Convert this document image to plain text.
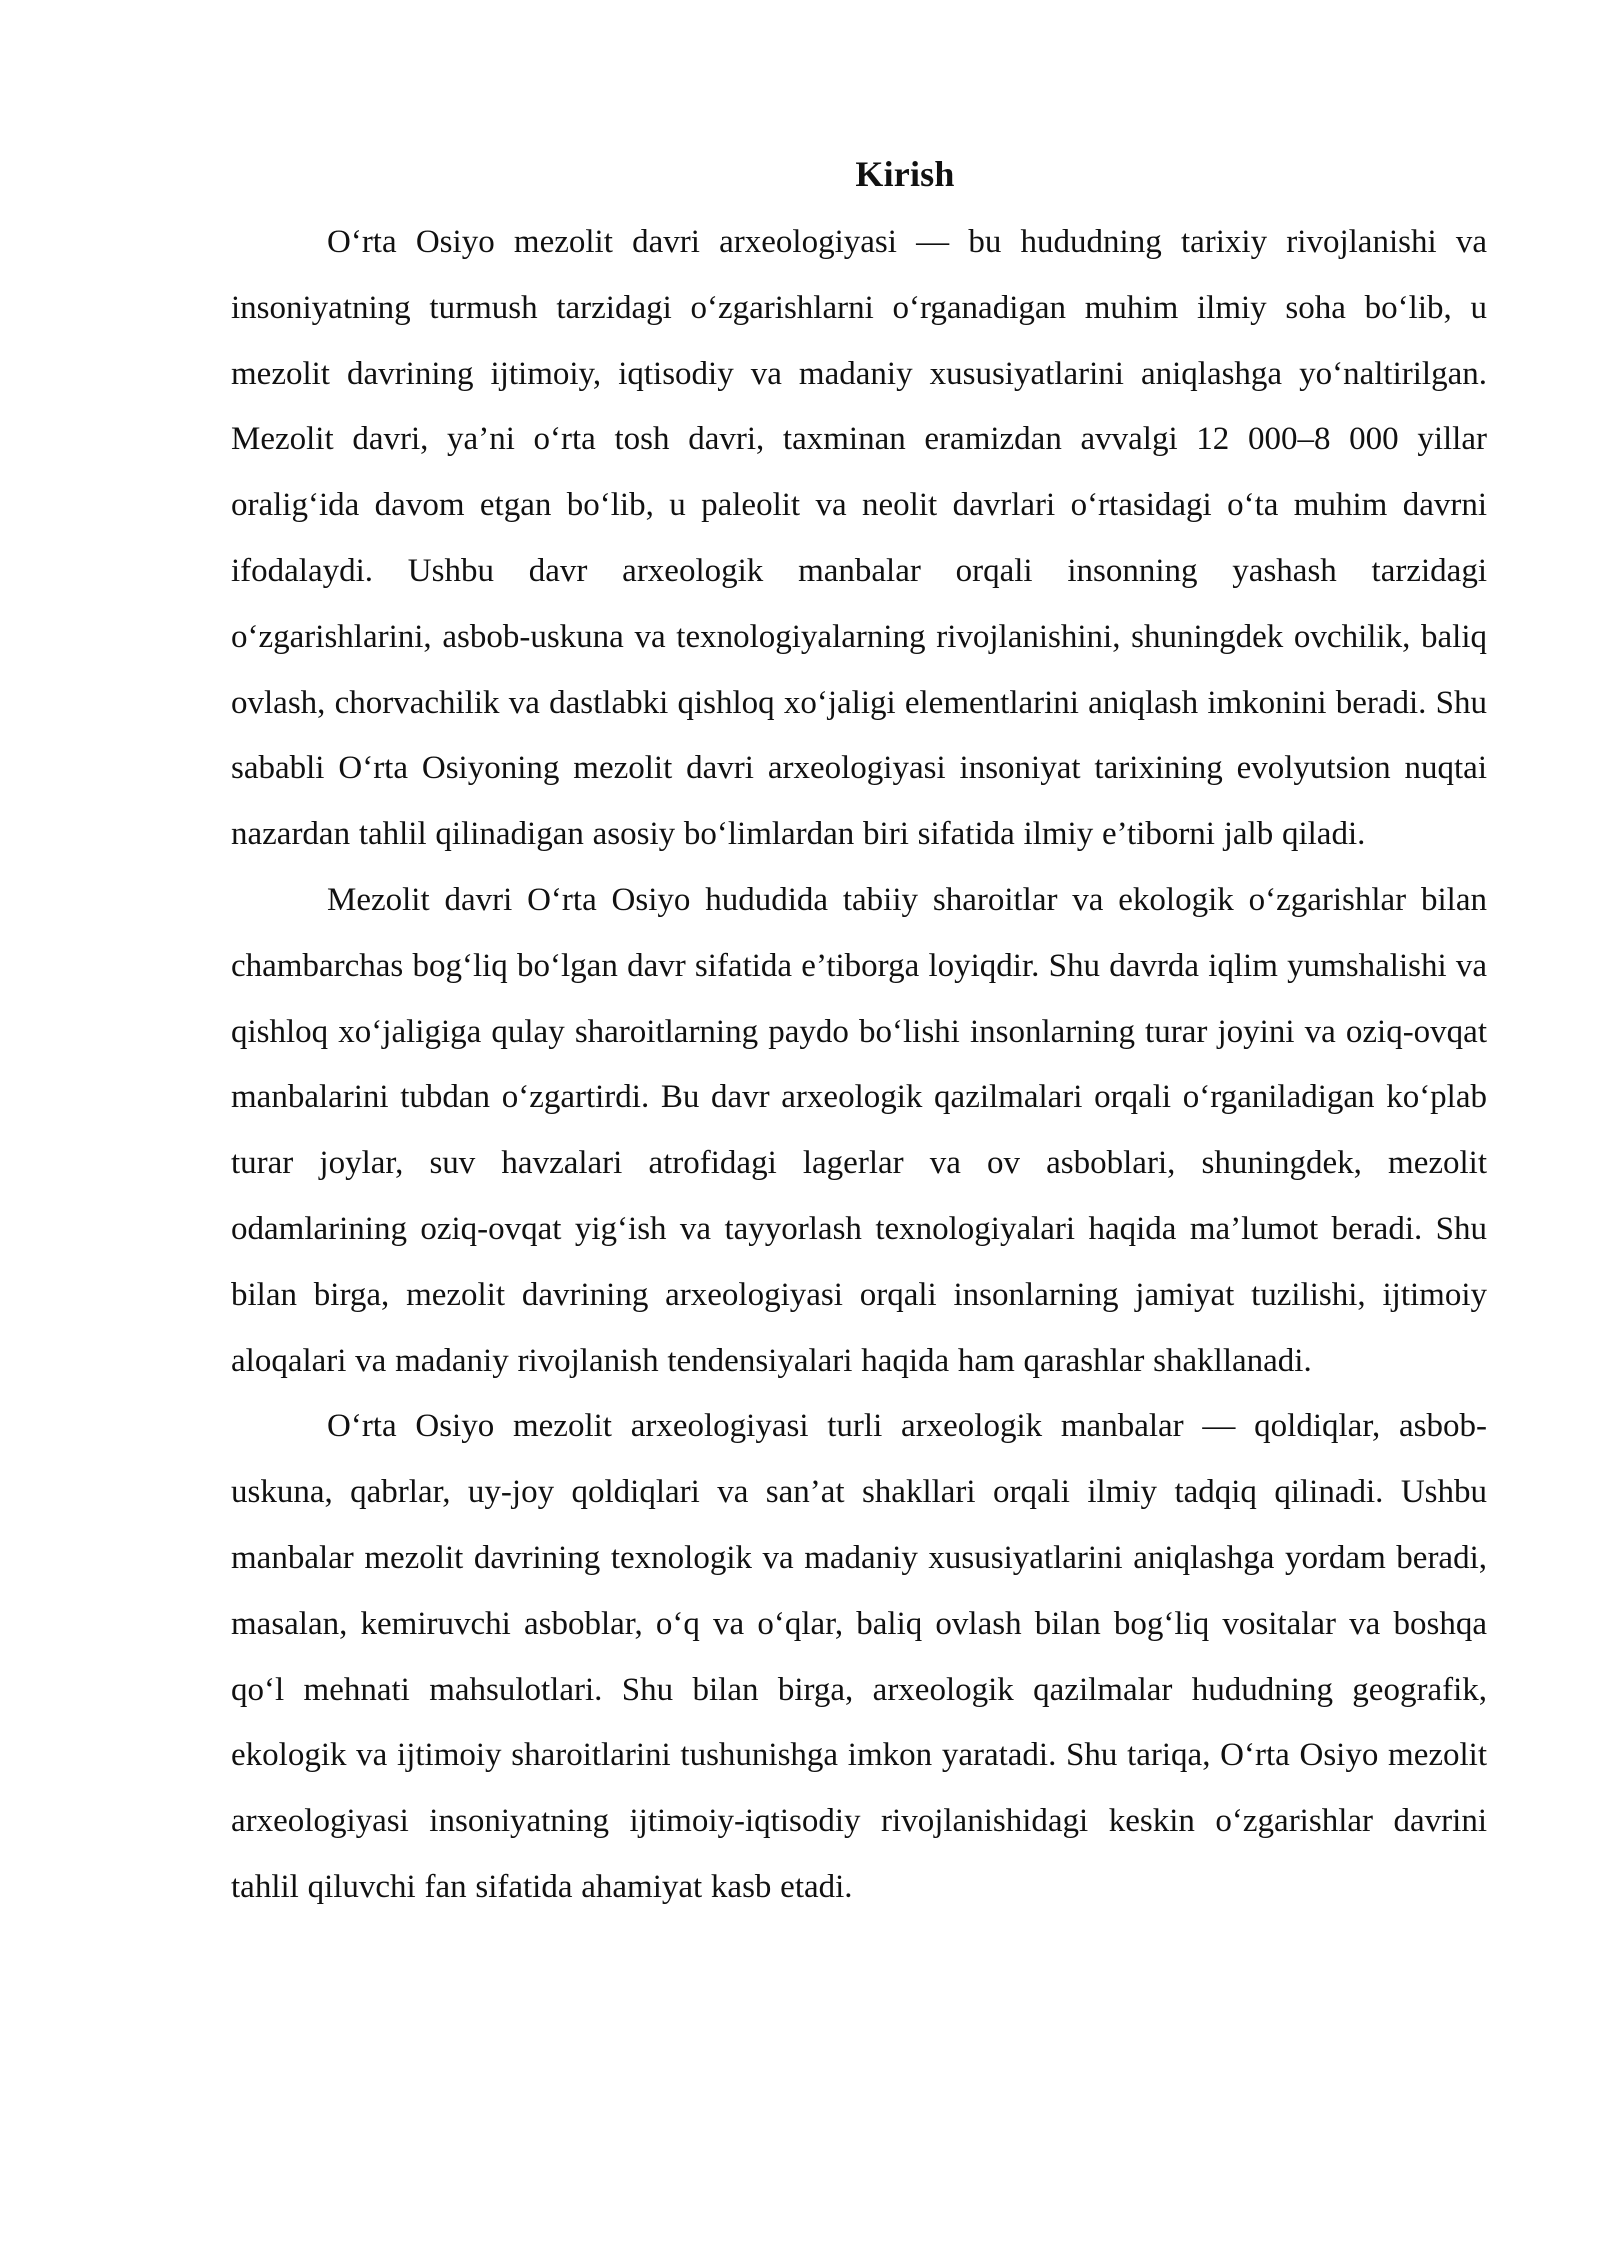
Kirish

O‘rta Osiyo mezolit davri arxeologiyasi — bu hududning tarixiy rivojlanishi va insoniyatning turmush tarzidagi o‘zgarishlarni o‘rganadigan muhim ilmiy soha bo‘lib, u mezolit davrining ijtimoiy, iqtisodiy va madaniy xususiyatlarini aniqlashga yo‘naltirilgan. Mezolit davri, ya’ni o‘rta tosh davri, taxminan eramizdan avvalgi 12 000–8 000 yillar oralig‘ida davom etgan bo‘lib, u paleolit va neolit davrlari o‘rtasidagi o‘ta muhim davrni ifodalaydi. Ushbu davr arxeologik manbalar orqali insonning yashash tarzidagi o‘zgarishlarini, asbob-uskuna va texnologiyalarning rivojlanishini, shuningdek ovchilik, baliq ovlash, chorvachilik va dastlabki qishloq xo‘jaligi elementlarini aniqlash imkonini beradi. Shu sababli O‘rta Osiyoning mezolit davri arxeologiyasi insoniyat tarixining evolyutsion nuqtai nazardan tahlil qilinadigan asosiy bo‘limlardan biri sifatida ilmiy e’tiborni jalb qiladi.

Mezolit davri O‘rta Osiyo hududida tabiiy sharoitlar va ekologik o‘zgarishlar bilan chambarchas bog‘liq bo‘lgan davr sifatida e’tiborga loyiqdir. Shu davrda iqlim yumshalishi va qishloq xo‘jaligiga qulay sharoitlarning paydo bo‘lishi insonlarning turar joyini va oziq-ovqat manbalarini tubdan o‘zgartirdi. Bu davr arxeologik qazilmalari orqali o‘rganiladigan ko‘plab turar joylar, suv havzalari atrofidagi lagerlar va ov asboblari, shuningdek, mezolit odamlarining oziq-ovqat yig‘ish va tayyorlash texnologiyalari haqida ma’lumot beradi. Shu bilan birga, mezolit davrining arxeologiyasi orqali insonlarning jamiyat tuzilishi, ijtimoiy aloqalari va madaniy rivojlanish tendensiyalari haqida ham qarashlar shakllanadi.

O‘rta Osiyo mezolit arxeologiyasi turli arxeologik manbalar — qoldiqlar, asbob-uskuna, qabrlar, uy-joy qoldiqlari va san’at shakllari orqali ilmiy tadqiq qilinadi. Ushbu manbalar mezolit davrining texnologik va madaniy xususiyatlarini aniqlashga yordam beradi, masalan, kemiruvchi asboblar, o‘q va o‘qlar, baliq ovlash bilan bog‘liq vositalar va boshqa qo‘l mehnati mahsulotlari. Shu bilan birga, arxeologik qazilmalar hududning geografik, ekologik va ijtimoiy sharoitlarini tushunishga imkon yaratadi. Shu tariqa, O‘rta Osiyo mezolit arxeologiyasi insoniyatning ijtimoiy-iqtisodiy rivojlanishidagi keskin o‘zgarishlar davrini tahlil qiluvchi fan sifatida ahamiyat kasb etadi.
